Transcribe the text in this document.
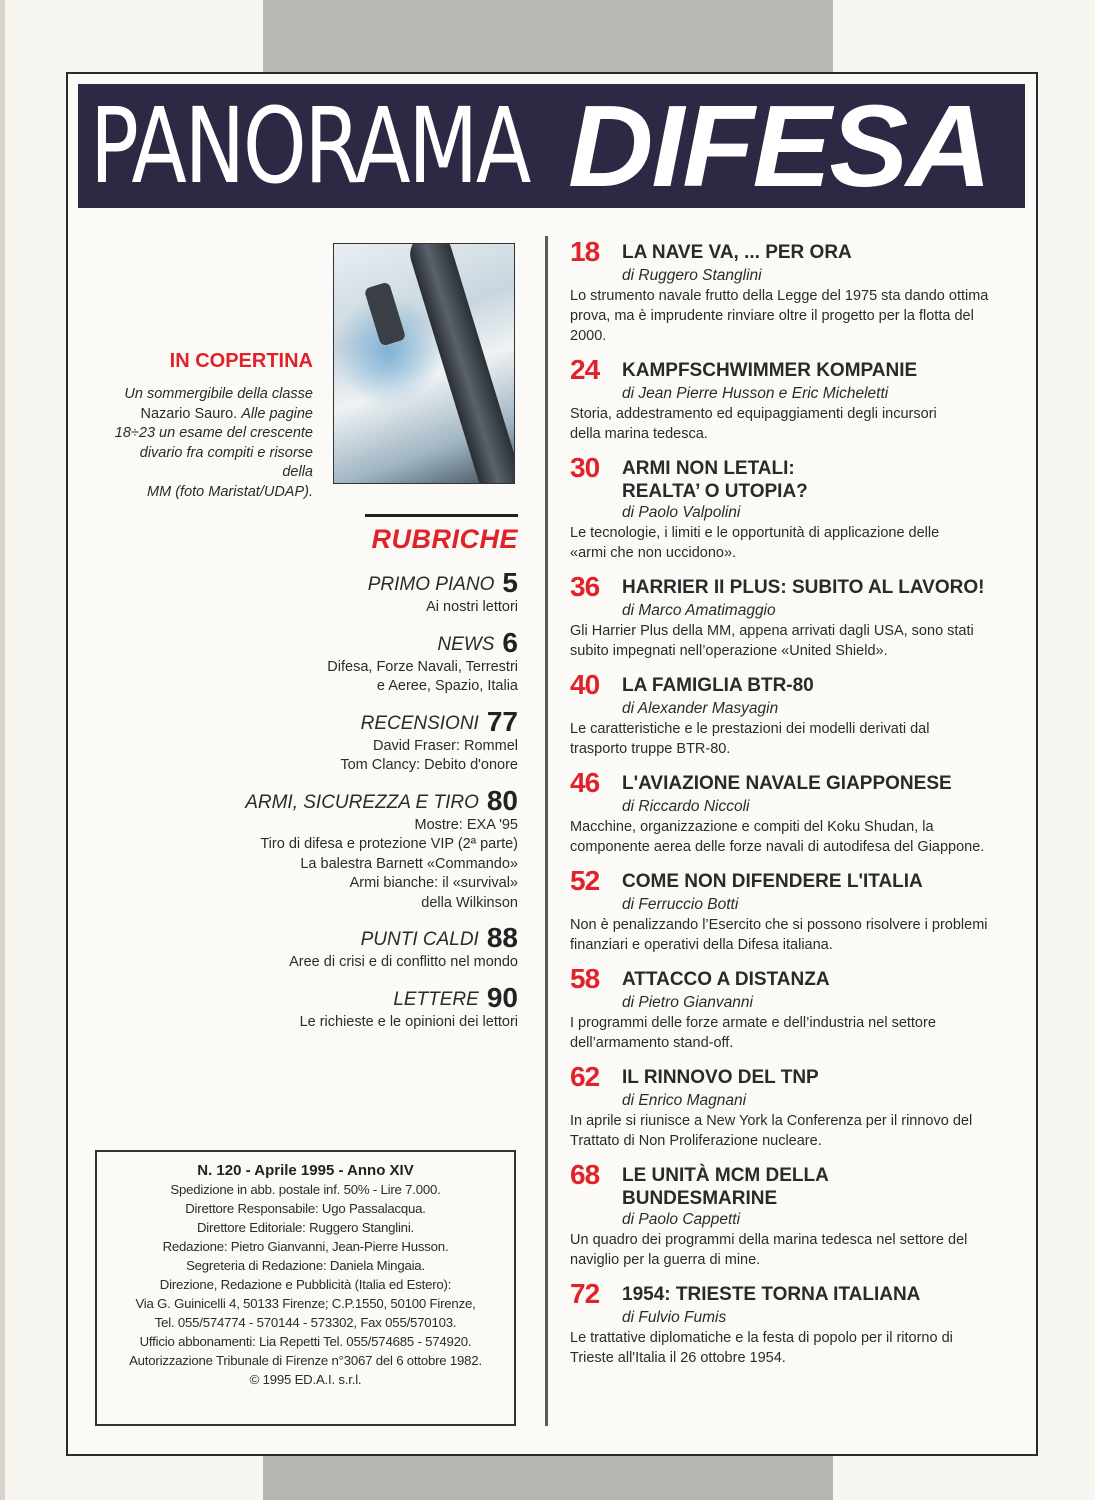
PANORAMA DIFESA
IN COPERTINA
Un sommergibile della classe
Nazario Sauro. Alle pagine
18÷23 un esame del crescente
divario fra compiti e risorse della
MM (foto Maristat/UDAP).
RUBRICHE
PRIMO PIANO 5
Ai nostri lettori
NEWS 6
Difesa, Forze Navali, Terrestri
e Aeree, Spazio, Italia
RECENSIONI 77
David Fraser: Rommel
Tom Clancy: Debito d'onore
ARMI, SICUREZZA E TIRO 80
Mostre: EXA '95
Tiro di difesa e protezione VIP (2ª parte)
La balestra Barnett «Commando»
Armi bianche: il «survival»
della Wilkinson
PUNTI CALDI 88
Aree di crisi e di conflitto nel mondo
LETTERE 90
Le richieste e le opinioni dei lettori
N. 120 - Aprile 1995 - Anno XIV
Spedizione in abb. postale inf. 50% - Lire 7.000.
Direttore Responsabile: Ugo Passalacqua.
Direttore Editoriale: Ruggero Stanglini.
Redazione: Pietro Gianvanni, Jean-Pierre Husson.
Segreteria di Redazione: Daniela Mingaia.
Direzione, Redazione e Pubblicità (Italia ed Estero):
Via G. Guinicelli 4, 50133 Firenze; C.P.1550, 50100 Firenze,
Tel. 055/574774 - 570144 - 573302, Fax 055/570103.
Ufficio abbonamenti: Lia Repetti Tel. 055/574685 - 574920.
Autorizzazione Tribunale di Firenze n°3067 del 6 ottobre 1982.
© 1995 ED.A.I. s.r.l.
18	LA NAVE VA, ... PER ORA
di Ruggero Stanglini
Lo strumento navale frutto della Legge del 1975 sta dando ottima
prova, ma è imprudente rinviare oltre il progetto per la flotta del
2000.
24	KAMPFSCHWIMMER KOMPANIE
di Jean Pierre Husson e Eric Micheletti
Storia, addestramento ed equipaggiamenti degli incursori
della marina tedesca.
30	ARMI NON LETALI:
REALTA’ O UTOPIA?
di Paolo Valpolini
Le tecnologie, i limiti e le opportunità di applicazione delle
«armi che non uccidono».
36	HARRIER II PLUS: SUBITO AL LAVORO!
di Marco Amatimaggio
Gli Harrier Plus della MM, appena arrivati dagli USA, sono stati
subito impegnati nell’operazione «United Shield».
40	LA FAMIGLIA BTR-80
di Alexander Masyagin
Le caratteristiche e le prestazioni dei modelli derivati dal
trasporto truppe BTR-80.
46	L'AVIAZIONE NAVALE GIAPPONESE
di Riccardo Niccoli
Macchine, organizzazione e compiti del Koku Shudan, la
componente aerea delle forze navali di autodifesa del Giappone.
52	COME NON DIFENDERE L'ITALIA
di Ferruccio Botti
Non è penalizzando l’Esercito che si possono risolvere i problemi
finanziari e operativi della Difesa italiana.
58	ATTACCO A DISTANZA
di Pietro Gianvanni
I programmi delle forze armate e dell’industria nel settore
dell’armamento stand-off.
62	IL RINNOVO DEL TNP
di Enrico Magnani
In aprile si riunisce a New York la Conferenza per il rinnovo del
Trattato di Non Proliferazione nucleare.
68	LE UNITÀ MCM DELLA
BUNDESMARINE
di Paolo Cappetti
Un quadro dei programmi della marina tedesca nel settore del
naviglio per la guerra di mine.
72	1954: TRIESTE TORNA ITALIANA
di Fulvio Fumis
Le trattative diplomatiche e la festa di popolo per il ritorno di
Trieste all'Italia il 26 ottobre 1954.
